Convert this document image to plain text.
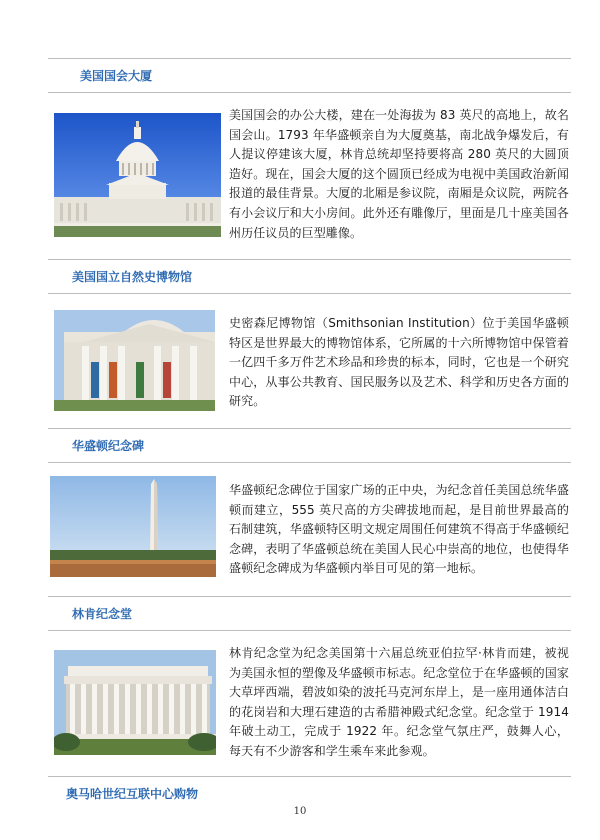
美国国会大厦

美国国会的办公大楼，建在一处海拔为 83 英尺的高地上，故名国会山。1793 年华盛顿亲自为大厦奠基，南北战争爆发后，有人提议停建该大厦，林肯总统却坚持要将高 280 英尺的大圆顶造好。现在，国会大厦的这个圆顶已经成为电视中美国政治新闻报道的最佳背景。大厦的北厢是参议院，南厢是众议院，两院各有小会议厅和大小房间。此外还有雕像厅，里面是几十座美国各州历任议员的巨型雕像。

美国国立自然史博物馆

史密森尼博物馆（Smithsonian Institution）位于美国华盛顿特区是世界最大的博物馆体系，它所属的十六所博物馆中保管着一亿四千多万件艺术珍品和珍贵的标本，同时，它也是一个研究中心，从事公共教育、国民服务以及艺术、科学和历史各方面的研究。

华盛顿纪念碑

华盛顿纪念碑位于国家广场的正中央，为纪念首任美国总统华盛顿而建立，555 英尺高的方尖碑拔地而起，是目前世界最高的石制建筑，华盛顿特区明文规定周围任何建筑不得高于华盛顿纪念碑，表明了华盛顿总统在美国人民心中崇高的地位，也使得华盛顿纪念碑成为华盛顿内举目可见的第一地标。

林肯纪念堂

林肯纪念堂为纪念美国第十六届总统亚伯拉罕·林肯而建，被视为美国永恒的塑像及华盛顿市标志。纪念堂位于在华盛顿的国家大草坪西端，碧波如染的波托马克河东岸上，是一座用通体洁白的花岗岩和大理石建造的古希腊神殿式纪念堂。纪念堂于 1914 年破土动工，完成于 1922 年。纪念堂气氛庄严，鼓舞人心，每天有不少游客和学生乘车来此参观。

奥马哈世纪互联中心购物
10
